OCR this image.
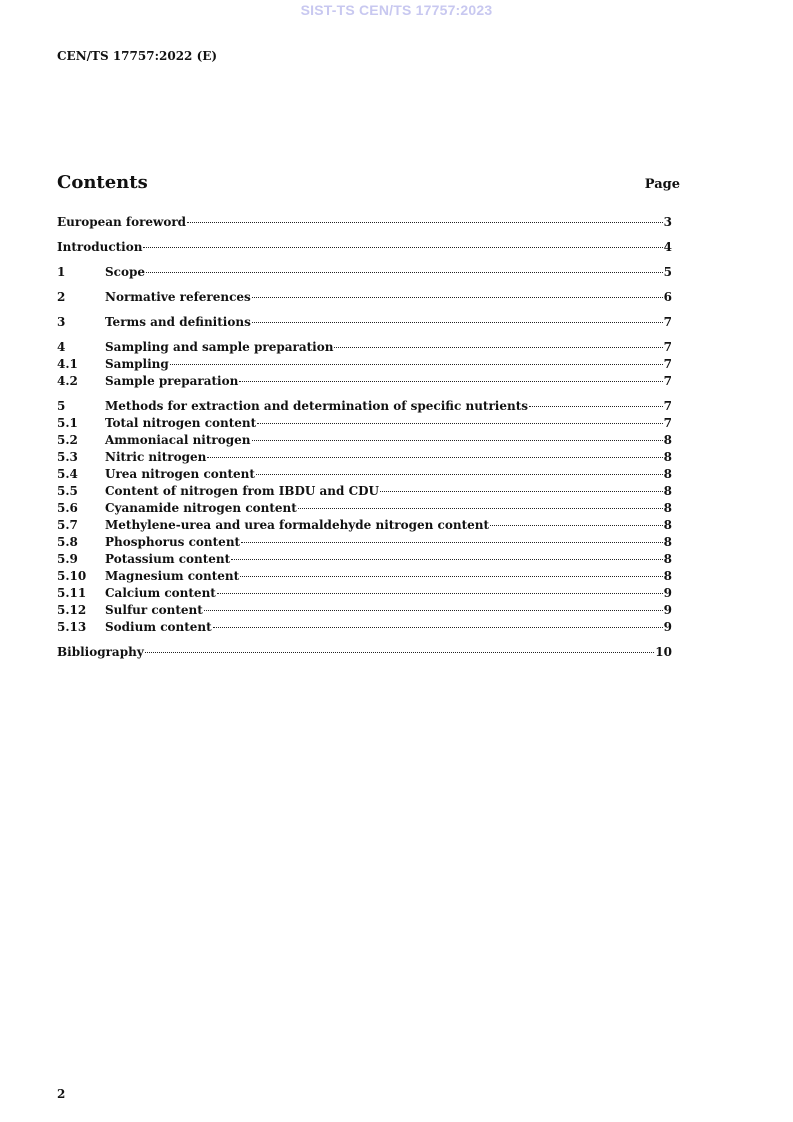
SIST-TS CEN/TS 17757:2023
CEN/TS 17757:2022 (E)
Contents	Page
European foreword	3
Introduction	4
1	Scope	5
2	Normative references	6
3	Terms and definitions	7
4	Sampling and sample preparation	7
4.1	Sampling	7
4.2	Sample preparation	7
5	Methods for extraction and determination of specific nutrients	7
5.1	Total nitrogen content	7
5.2	Ammoniacal nitrogen	8
5.3	Nitric nitrogen	8
5.4	Urea nitrogen content	8
5.5	Content of nitrogen from IBDU and CDU	8
5.6	Cyanamide nitrogen content	8
5.7	Methylene-urea and urea formaldehyde nitrogen content	8
5.8	Phosphorus content	8
5.9	Potassium content	8
5.10	Magnesium content	8
5.11	Calcium content	9
5.12	Sulfur content	9
5.13	Sodium content	9
Bibliography	10
2
